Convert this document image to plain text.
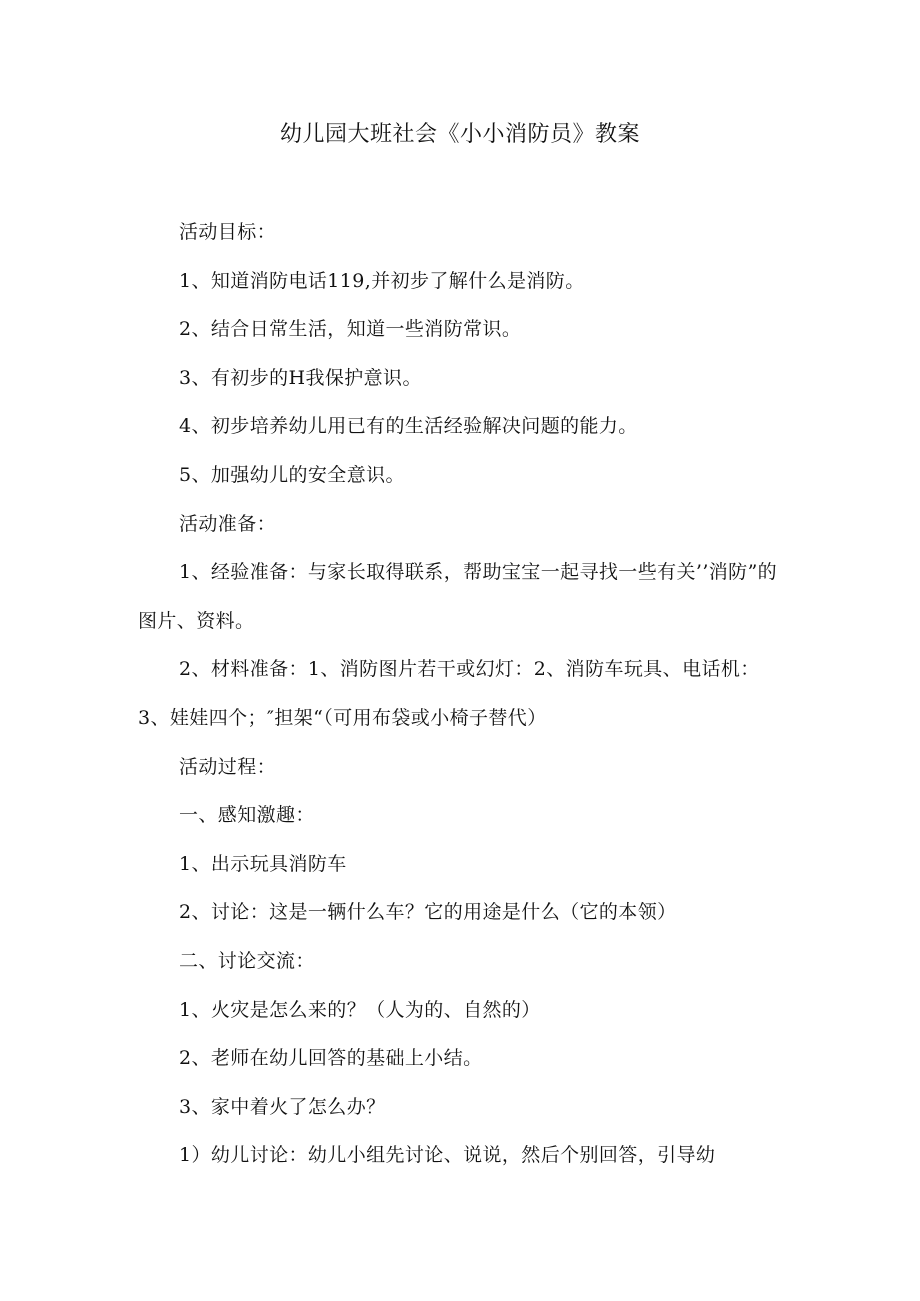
幼儿园大班社会《小小消防员》教案

活动目标：

1、知道消防电话119,并初步了解什么是消防。

2、结合日常生活，知道一些消防常识。

3、有初步的H我保护意识。

4、初步培养幼儿用已有的生活经验解决问题的能力。

5、加强幼儿的安全意识。

活动准备：

1、经验准备：与家长取得联系，帮助宝宝一起寻找一些有关’’消防”的图片、资料。

2、材料准备：1、消防图片若干或幻灯：2、消防车玩具、电话机：3、娃娃四个；″担架“（可用布袋或小椅子替代）

活动过程：

一、感知激趣：

1、出示玩具消防车

2、讨论：这是一辆什么车？它的用途是什么（它的本领）

二、讨论交流：

1、火灾是怎么来的？（人为的、自然的）

2、老师在幼儿回答的基础上小结。

3、家中着火了怎么办？

1）幼儿讨论：幼儿小组先讨论、说说，然后个别回答，引导幼
